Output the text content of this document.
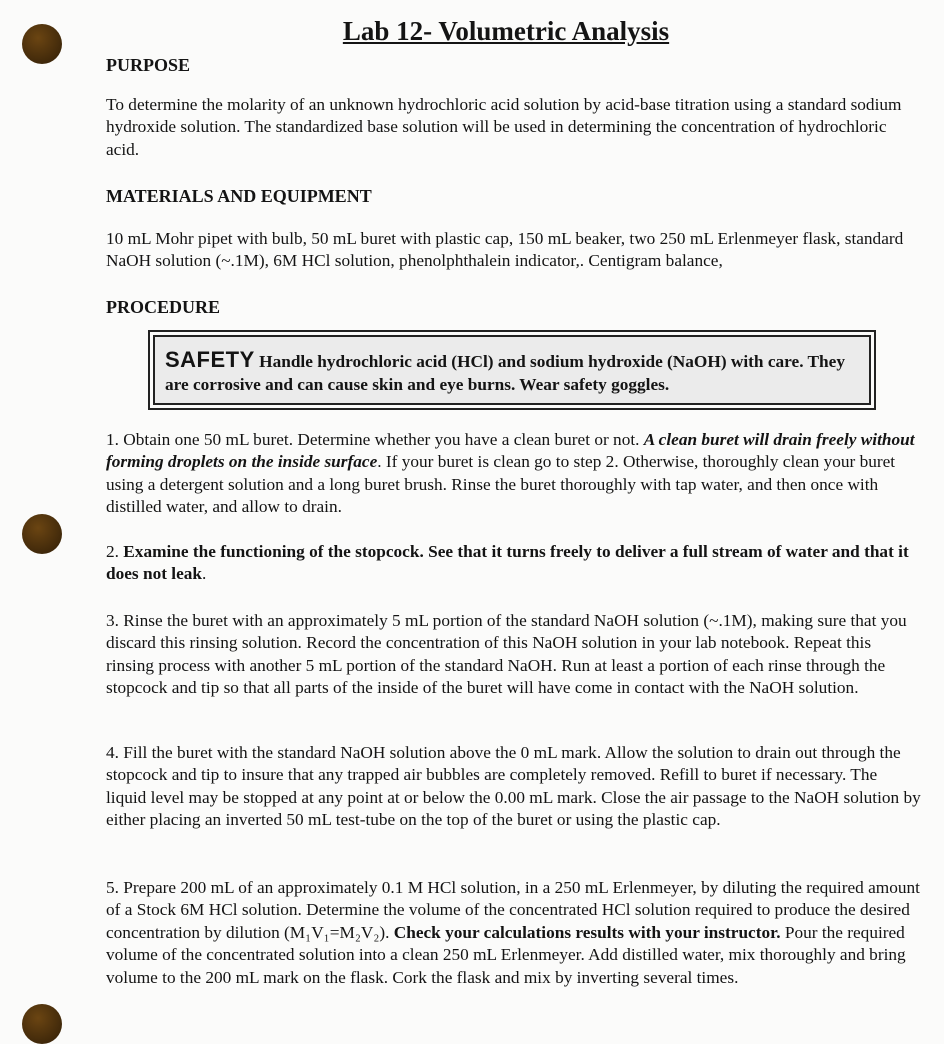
Lab 12- Volumetric Analysis
PURPOSE
To determine the molarity of an unknown hydrochloric acid solution by acid-base titration using a standard sodium hydroxide solution. The standardized base solution will be used in determining the concentration of hydrochloric acid.
MATERIALS AND EQUIPMENT
10 mL Mohr pipet with bulb, 50 mL buret with plastic cap, 150 mL beaker, two 250 mL Erlenmeyer flask, standard NaOH solution (~.1M), 6M HCl solution, phenolphthalein indicator,. Centigram balance,
PROCEDURE
SAFETY Handle hydrochloric acid (HCl) and sodium hydroxide (NaOH) with care. They are corrosive and can cause skin and eye burns. Wear safety goggles.
1. Obtain one 50 mL buret. Determine whether you have a clean buret or not. A clean buret will drain freely without forming droplets on the inside surface. If your buret is clean go to step 2. Otherwise, thoroughly clean your buret using a detergent solution and a long buret brush. Rinse the buret thoroughly with tap water, and then once with distilled water, and allow to drain.
2. Examine the functioning of the stopcock. See that it turns freely to deliver a full stream of water and that it does not leak.
3. Rinse the buret with an approximately 5 mL portion of the standard NaOH solution (~.1M), making sure that you discard this rinsing solution. Record the concentration of this NaOH solution in your lab notebook. Repeat this rinsing process with another 5 mL portion of the standard NaOH. Run at least a portion of each rinse through the stopcock and tip so that all parts of the inside of the buret will have come in contact with the NaOH solution.
4. Fill the buret with the standard NaOH solution above the 0 mL mark. Allow the solution to drain out through the stopcock and tip to insure that any trapped air bubbles are completely removed. Refill to buret if necessary. The liquid level may be stopped at any point at or below the 0.00 mL mark. Close the air passage to the NaOH solution by either placing an inverted 50 mL test-tube on the top of the buret or using the plastic cap.
5. Prepare 200 mL of an approximately 0.1 M HCl solution, in a 250 mL Erlenmeyer, by diluting the required amount of a Stock 6M HCl solution. Determine the volume of the concentrated HCl solution required to produce the desired concentration by dilution (M₁V₁=M₂V₂). Check your calculations results with your instructor. Pour the required volume of the concentrated solution into a clean 250 mL Erlenmeyer. Add distilled water, mix thoroughly and bring volume to the 200 mL mark on the flask. Cork the flask and mix by inverting several times.
